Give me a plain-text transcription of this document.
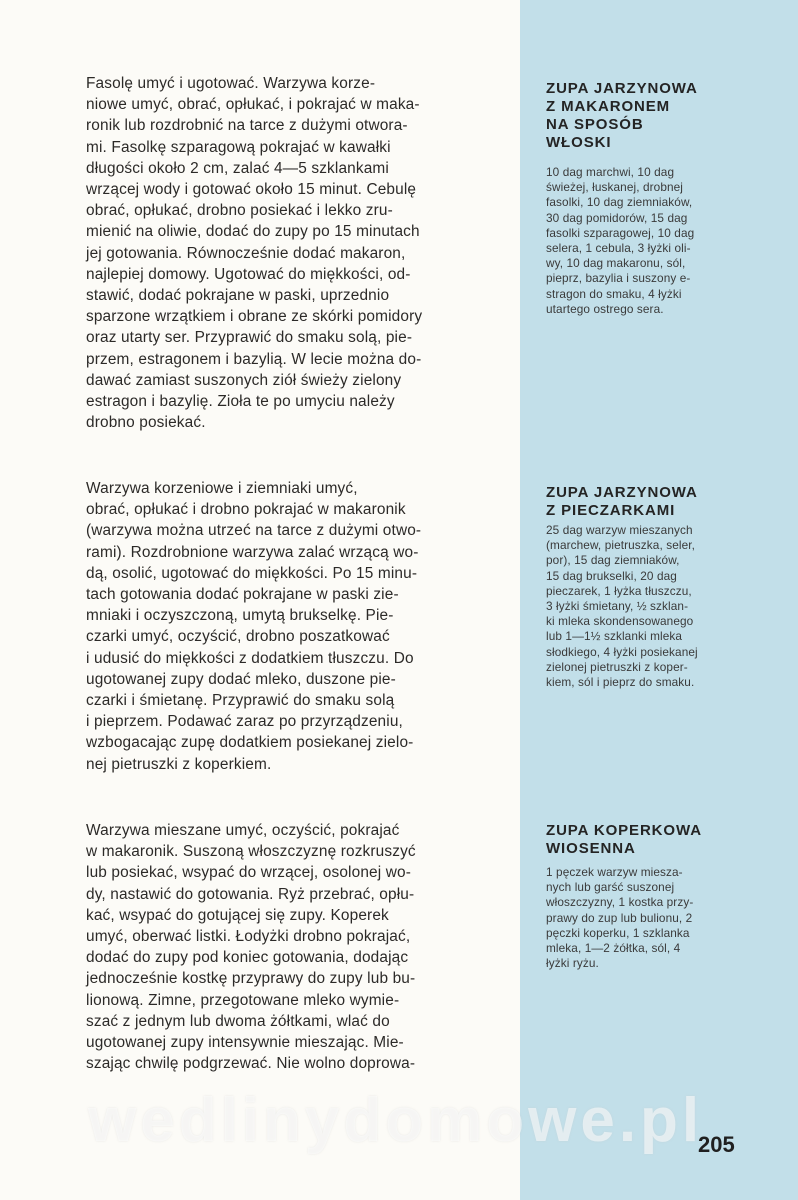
Fasolę umyć i ugotować. Warzywa korze-
niowe umyć, obrać, opłukać, i pokrajać w maka-
ronik lub rozdrobnić na tarce z dużymi otwora-
mi. Fasolkę szparagową pokrajać w kawałki
długości około 2 cm, zalać 4—5 szklankami
wrzącej wody i gotować około 15 minut. Cebulę
obrać, opłukać, drobno posiekać i lekko zru-
mienić na oliwie, dodać do zupy po 15 minutach
jej gotowania. Równocześnie dodać makaron,
najlepiej domowy. Ugotować do miękkości, od-
stawić, dodać pokrajane w paski, uprzednio
sparzone wrzątkiem i obrane ze skórki pomidory
oraz utarty ser. Przyprawić do smaku solą, pie-
przem, estragonem i bazylią. W lecie można do-
dawać zamiast suszonych ziół świeży zielony
estragon i bazylię. Zioła te po umyciu należy
drobno posiekać.
ZUPA JARZYNOWA
Z MAKARONEM
NA SPOSÓB
WŁOSKI
10 dag marchwi, 10 dag
świeżej, łuskanej, drobnej
fasolki, 10 dag ziemniaków,
30 dag pomidorów, 15 dag
fasolki szparagowej, 10 dag
selera, 1 cebula, 3 łyżki oli-
wy, 10 dag makaronu, sól,
pieprz, bazylia i suszony e-
stragon do smaku, 4 łyżki
utartego ostrego sera.
Warzywa korzeniowe i ziemniaki umyć,
obrać, opłukać i drobno pokrajać w makaronik
(warzywa można utrzeć na tarce z dużymi otwo-
rami). Rozdrobnione warzywa zalać wrzącą wo-
dą, osolić, ugotować do miękkości. Po 15 minu-
tach gotowania dodać pokrajane w paski zie-
mniaki i oczyszczoną, umytą brukselkę. Pie-
czarki umyć, oczyścić, drobno poszatkować
i udusić do miękkości z dodatkiem tłuszczu. Do
ugotowanej zupy dodać mleko, duszone pie-
czarki i śmietanę. Przyprawić do smaku solą
i pieprzem. Podawać zaraz po przyrządzeniu,
wzbogacając zupę dodatkiem posiekanej zielo-
nej pietruszki z koperkiem.
ZUPA JARZYNOWA
Z PIECZARKAMI
25 dag warzyw mieszanych
(marchew, pietruszka, seler,
por), 15 dag ziemniaków,
15 dag brukselki, 20 dag
pieczarek, 1 łyżka tłuszczu,
3 łyżki śmietany, ½ szklan-
ki mleka skondensowanego
lub 1—1½ szklanki mleka
słodkiego, 4 łyżki posiekanej
zielonej pietruszki z koper-
kiem, sól i pieprz do smaku.
Warzywa mieszane umyć, oczyścić, pokrajać
w makaronik. Suszoną włoszczyznę rozkruszyć
lub posiekać, wsypać do wrzącej, osolonej wo-
dy, nastawić do gotowania. Ryż przebrać, opłu-
kać, wsypać do gotującej się zupy. Koperek
umyć, oberwać listki. Łodyżki drobno pokrajać,
dodać do zupy pod koniec gotowania, dodając
jednocześnie kostkę przyprawy do zupy lub bu-
lionową. Zimne, przegotowane mleko wymie-
szać z jednym lub dwoma żółtkami, wlać do
ugotowanej zupy intensywnie mieszając. Mie-
szając chwilę podgrzewać. Nie wolno doprowa-
ZUPA KOPERKOWA
WIOSENNA
1 pęczek warzyw miesza-
nych lub garść suszonej
włoszczyzny, 1 kostka przy-
prawy do zup lub bulionu, 2
pęczki koperku, 1 szklanka
mleka, 1—2 żółtka, sól, 4
łyżki ryżu.
wedlinydomowe.pl
205
